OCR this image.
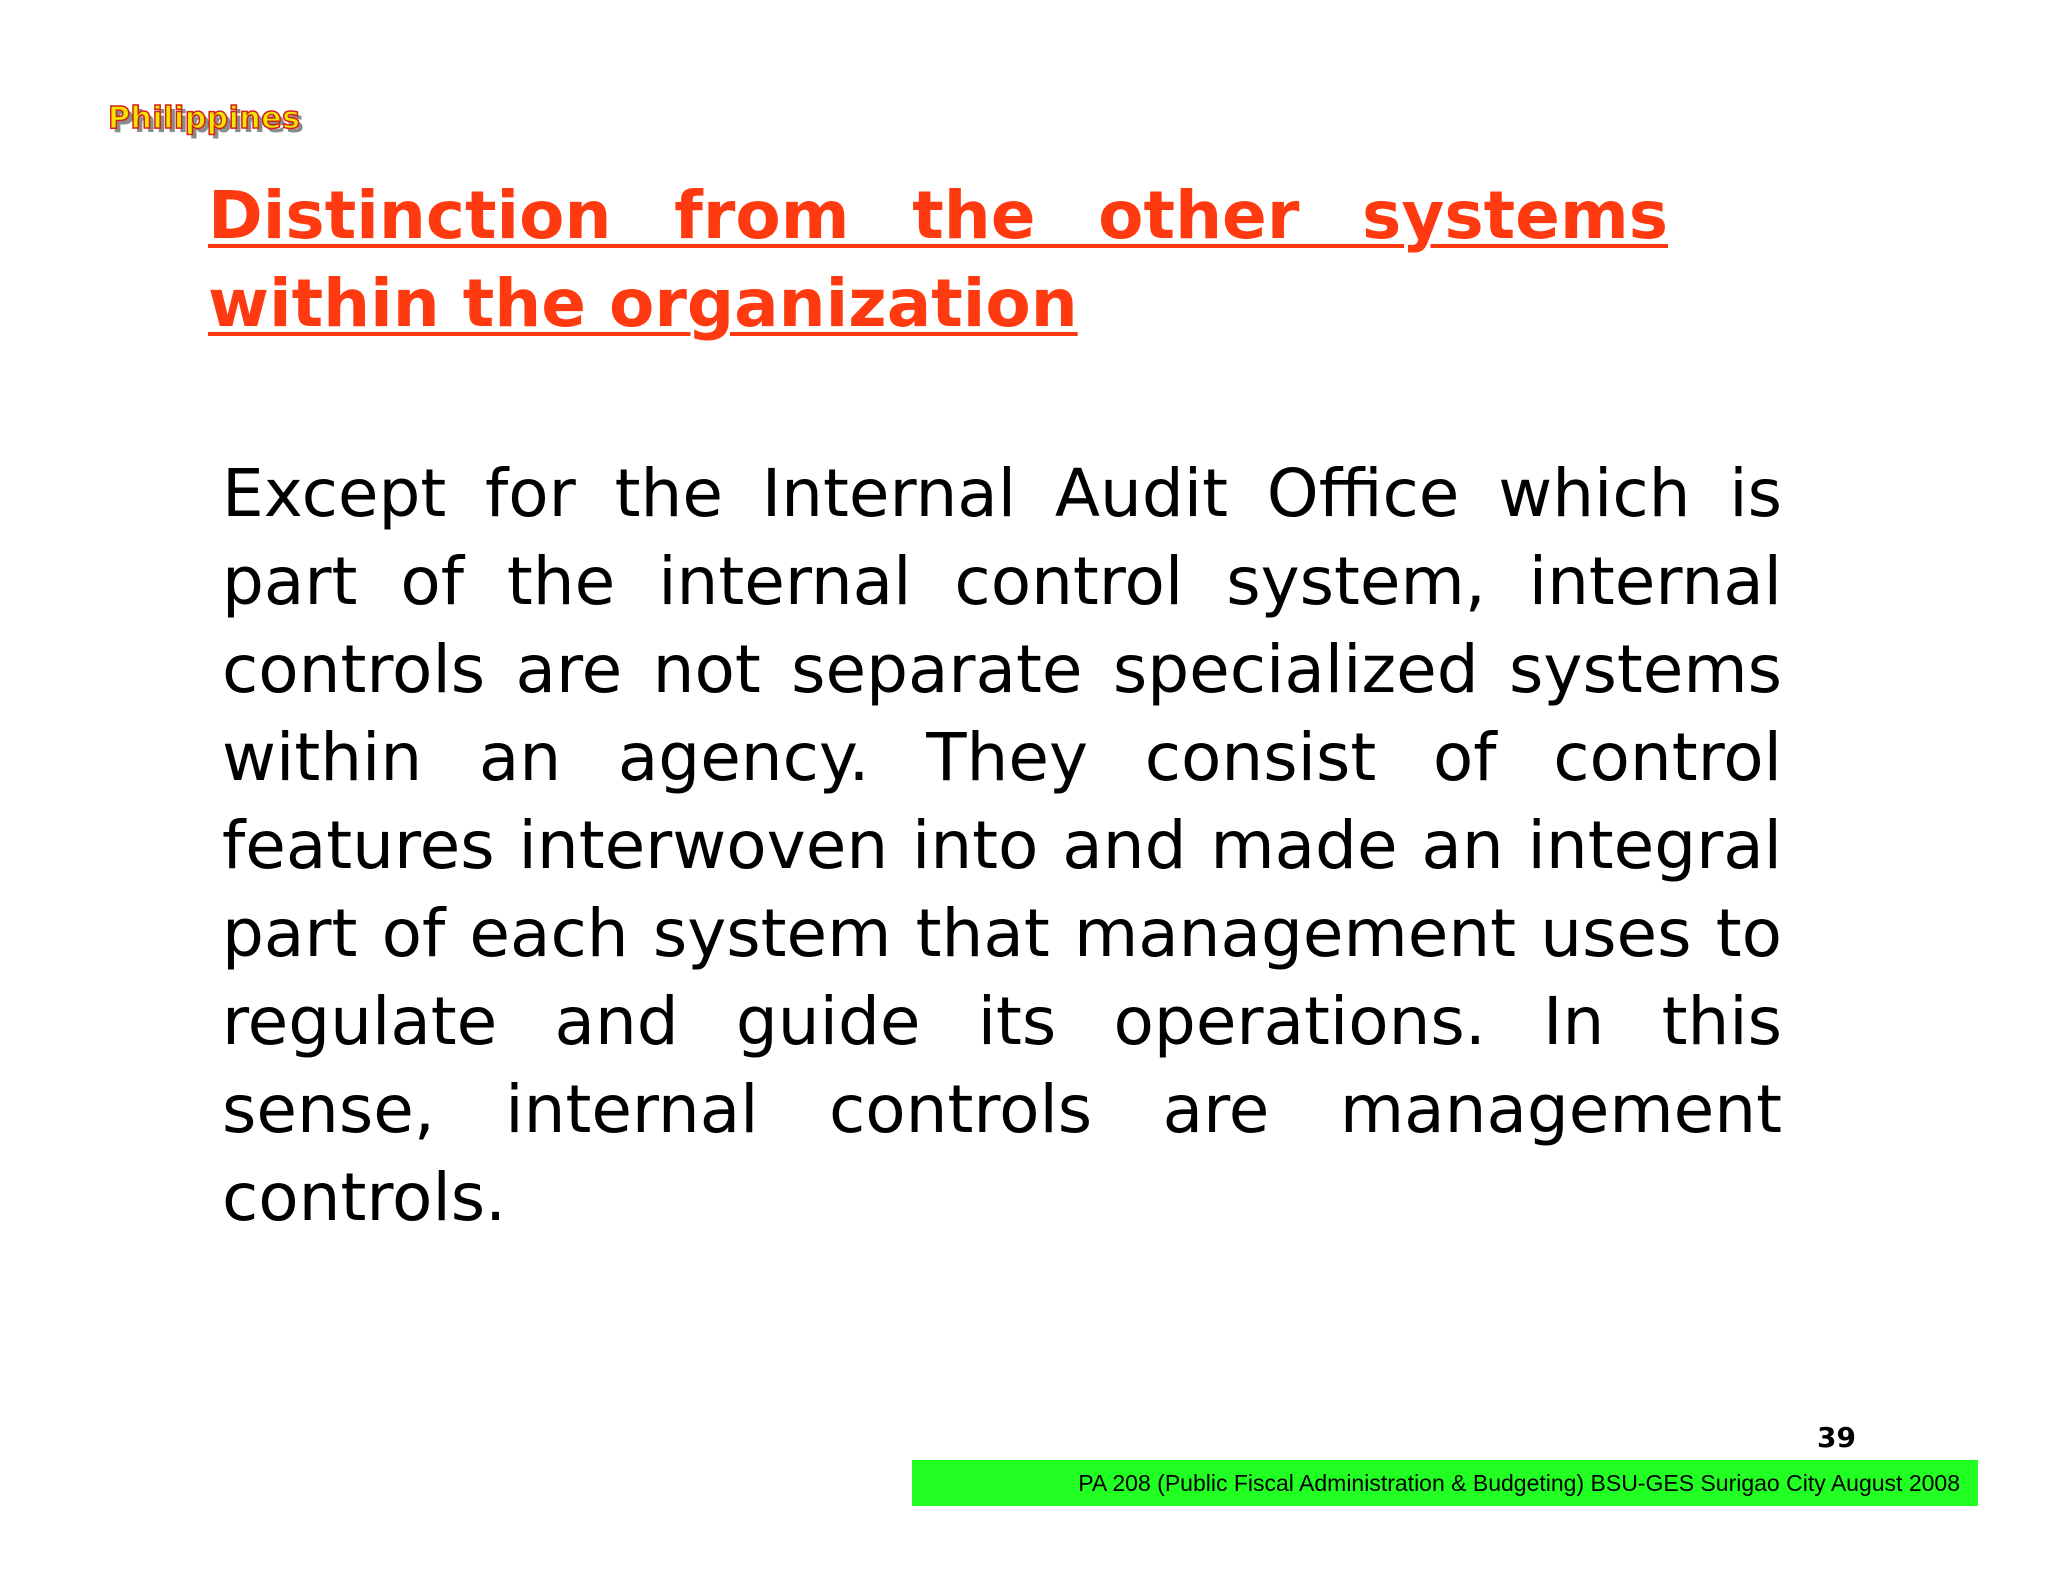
Philippines
Distinction from the other systems
within the organization

Except for the Internal Audit Office which is part of the internal control system, internal controls are not separate specialized systems within an agency. They consist of control features interwoven into and made an integral part of each system that management uses to regulate and guide its operations. In this sense, internal controls are management controls.

39
PA 208 (Public Fiscal Administration & Budgeting) BSU-GES Surigao City August 2008
